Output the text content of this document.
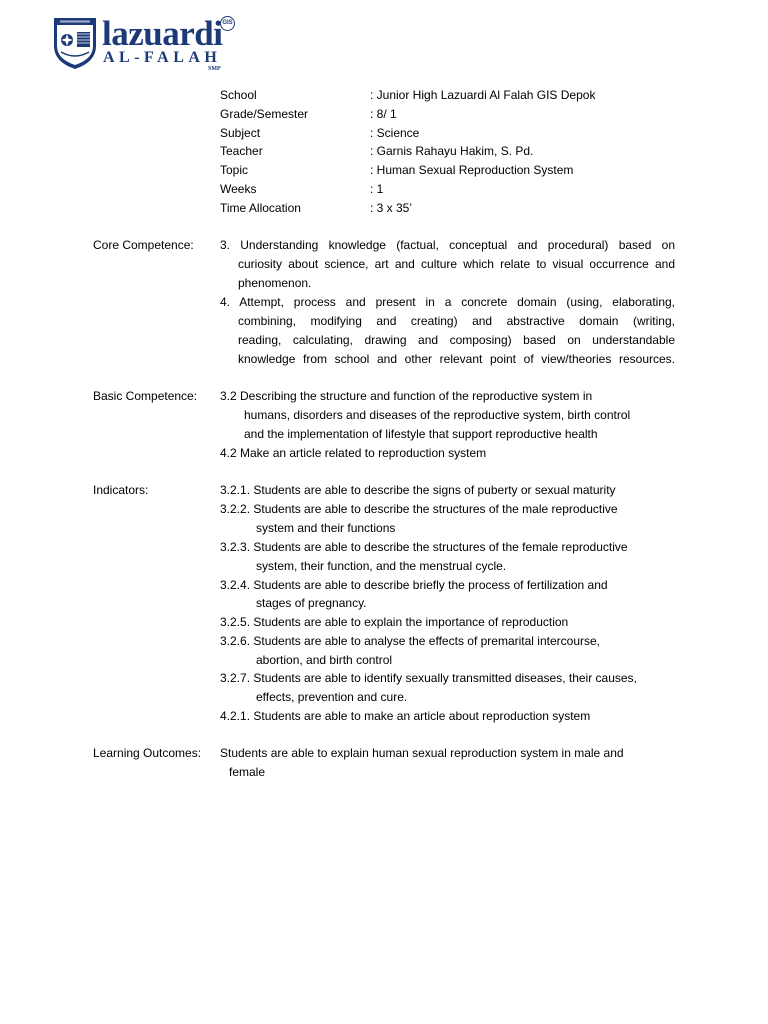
lazuardi GIS
AL-FALAH
SMP
School	: Junior High Lazuardi Al Falah GIS Depok
Grade/Semester	: 8/ 1
Subject	: Science
Teacher	: Garnis Rahayu Hakim, S. Pd.
Topic	: Human Sexual Reproduction System
Weeks	: 1
Time Allocation	: 3 x 35’
Core Competence: 3. Understanding knowledge (factual, conceptual and procedural) based on
curiosity about science, art and culture which relate to visual occurrence and
phenomenon.
4. Attempt, process and present in a concrete domain (using, elaborating,
combining, modifying and creating) and abstractive domain (writing,
reading, calculating, drawing and composing) based on understandable
knowledge from school and other relevant point of view/theories resources.
Basic Competence: 3.2 Describing the structure and function of the reproductive system in
humans, disorders and diseases of the reproductive system, birth control
and the implementation of lifestyle that support reproductive health
4.2 Make an article related to reproduction system
Indicators:	3.2.1. Students are able to describe the signs of puberty or sexual maturity
3.2.2. Students are able to describe the structures of the male reproductive
system and their functions
3.2.3. Students are able to describe the structures of the female reproductive
system, their function, and the menstrual cycle.
3.2.4. Students are able to describe briefly the process of fertilization and
stages of pregnancy.
3.2.5. Students are able to explain the importance of reproduction
3.2.6. Students are able to analyse the effects of premarital intercourse,
abortion, and birth control
3.2.7. Students are able to identify sexually transmitted diseases, their causes,
effects, prevention and cure.
4.2.1. Students are able to make an article about reproduction system
Learning Outcomes: Students are able to explain human sexual reproduction system in male and
female
